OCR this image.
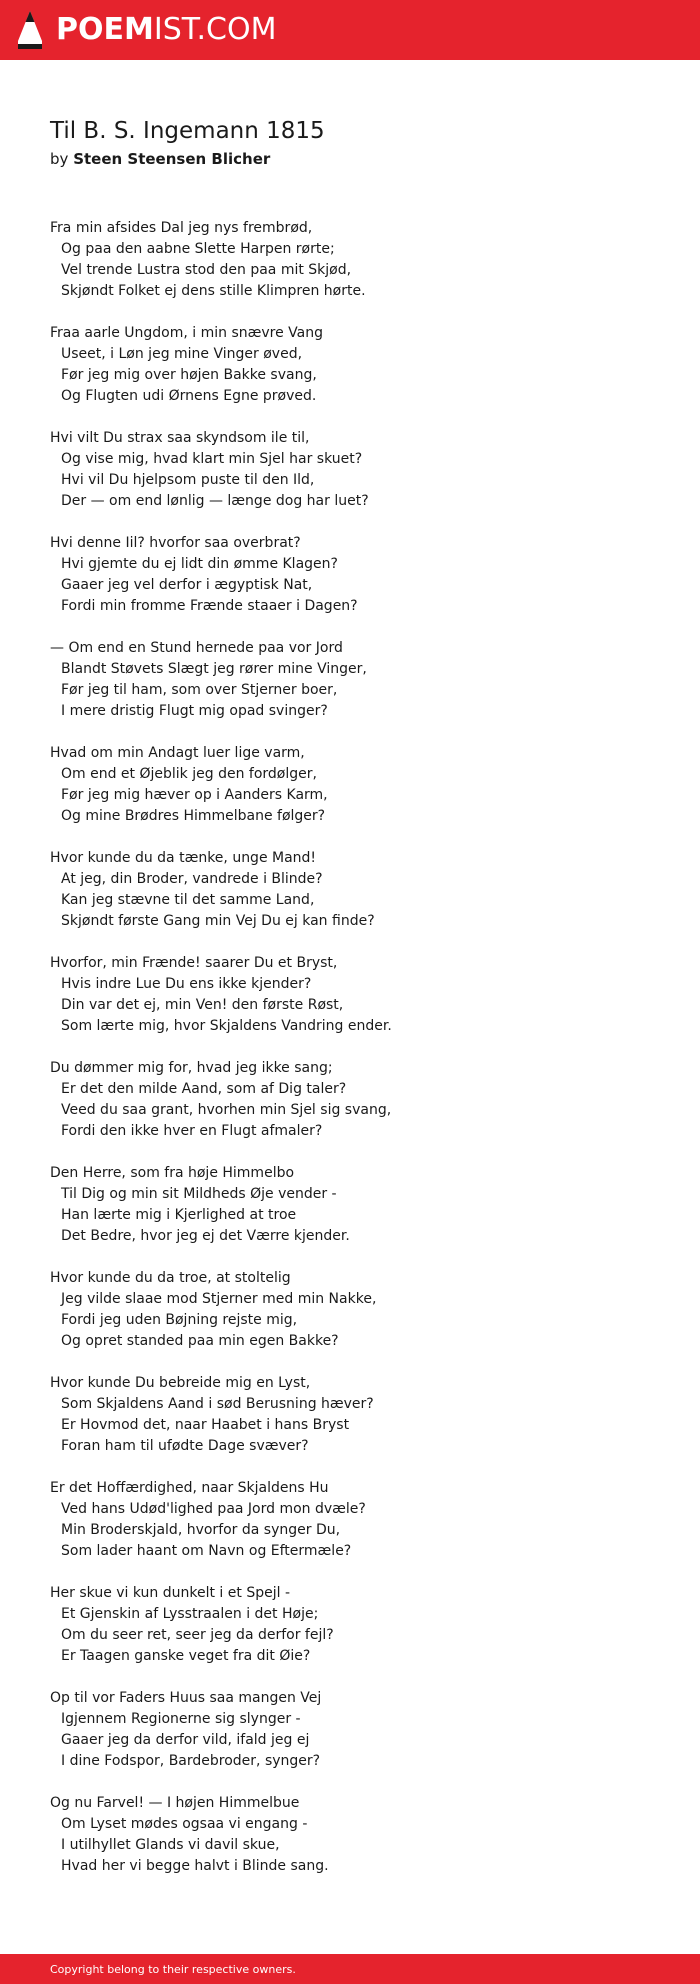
POEMIST.COM
Til B. S. Ingemann 1815
by Steen Steensen Blicher
Fra min afsides Dal jeg nys frembrød,
Og paa den aabne Slette Harpen rørte;
Vel trende Lustra stod den paa mit Skjød,
Skjøndt Folket ej dens stille Klimpren hørte.
Fraa aarle Ungdom, i min snævre Vang
Useet, i Løn jeg mine Vinger øved,
Før jeg mig over højen Bakke svang,
Og Flugten udi Ørnens Egne prøved.
Hvi vilt Du strax saa skyndsom ile til,
Og vise mig, hvad klart min Sjel har skuet?
Hvi vil Du hjelpsom puste til den Ild,
Der — om end lønlig — længe dog har luet?
Hvi denne Iil? hvorfor saa overbrat?
Hvi gjemte du ej lidt din ømme Klagen?
Gaaer jeg vel derfor i ægyptisk Nat,
Fordi min fromme Frænde staaer i Dagen?
— Om end en Stund hernede paa vor Jord
Blandt Støvets Slægt jeg rører mine Vinger,
Før jeg til ham, som over Stjerner boer,
I mere dristig Flugt mig opad svinger?
Hvad om min Andagt luer lige varm,
Om end et Øjeblik jeg den fordølger,
Før jeg mig hæver op i Aanders Karm,
Og mine Brødres Himmelbane følger?
Hvor kunde du da tænke, unge Mand!
At jeg, din Broder, vandrede i Blinde?
Kan jeg stævne til det samme Land,
Skjøndt første Gang min Vej Du ej kan finde?
Hvorfor, min Frænde! saarer Du et Bryst,
Hvis indre Lue Du ens ikke kjender?
Din var det ej, min Ven! den første Røst,
Som lærte mig, hvor Skjaldens Vandring ender.
Du dømmer mig for, hvad jeg ikke sang;
Er det den milde Aand, som af Dig taler?
Veed du saa grant, hvorhen min Sjel sig svang,
Fordi den ikke hver en Flugt afmaler?
Den Herre, som fra høje Himmelbo
Til Dig og min sit Mildheds Øje vender -
Han lærte mig i Kjerlighed at troe
Det Bedre, hvor jeg ej det Værre kjender.
Hvor kunde du da troe, at stoltelig
Jeg vilde slaae mod Stjerner med min Nakke,
Fordi jeg uden Bøjning rejste mig,
Og opret standed paa min egen Bakke?
Hvor kunde Du bebreide mig en Lyst,
Som Skjaldens Aand i sød Berusning hæver?
Er Hovmod det, naar Haabet i hans Bryst
Foran ham til ufødte Dage svæver?
Er det Hoffærdighed, naar Skjaldens Hu
Ved hans Udød'lighed paa Jord mon dvæle?
Min Broderskjald, hvorfor da synger Du,
Som lader haant om Navn og Eftermæle?
Her skue vi kun dunkelt i et Spejl -
Et Gjenskin af Lysstraalen i det Høje;
Om du seer ret, seer jeg da derfor fejl?
Er Taagen ganske veget fra dit Øie?
Op til vor Faders Huus saa mangen Vej
Igjennem Regionerne sig slynger -
Gaaer jeg da derfor vild, ifald jeg ej
I dine Fodspor, Bardebroder, synger?
Og nu Farvel! — I højen Himmelbue
Om Lyset mødes ogsaa vi engang -
I utilhyllet Glands vi davil skue,
Hvad her vi begge halvt i Blinde sang.
Copyright belong to their respective owners.
